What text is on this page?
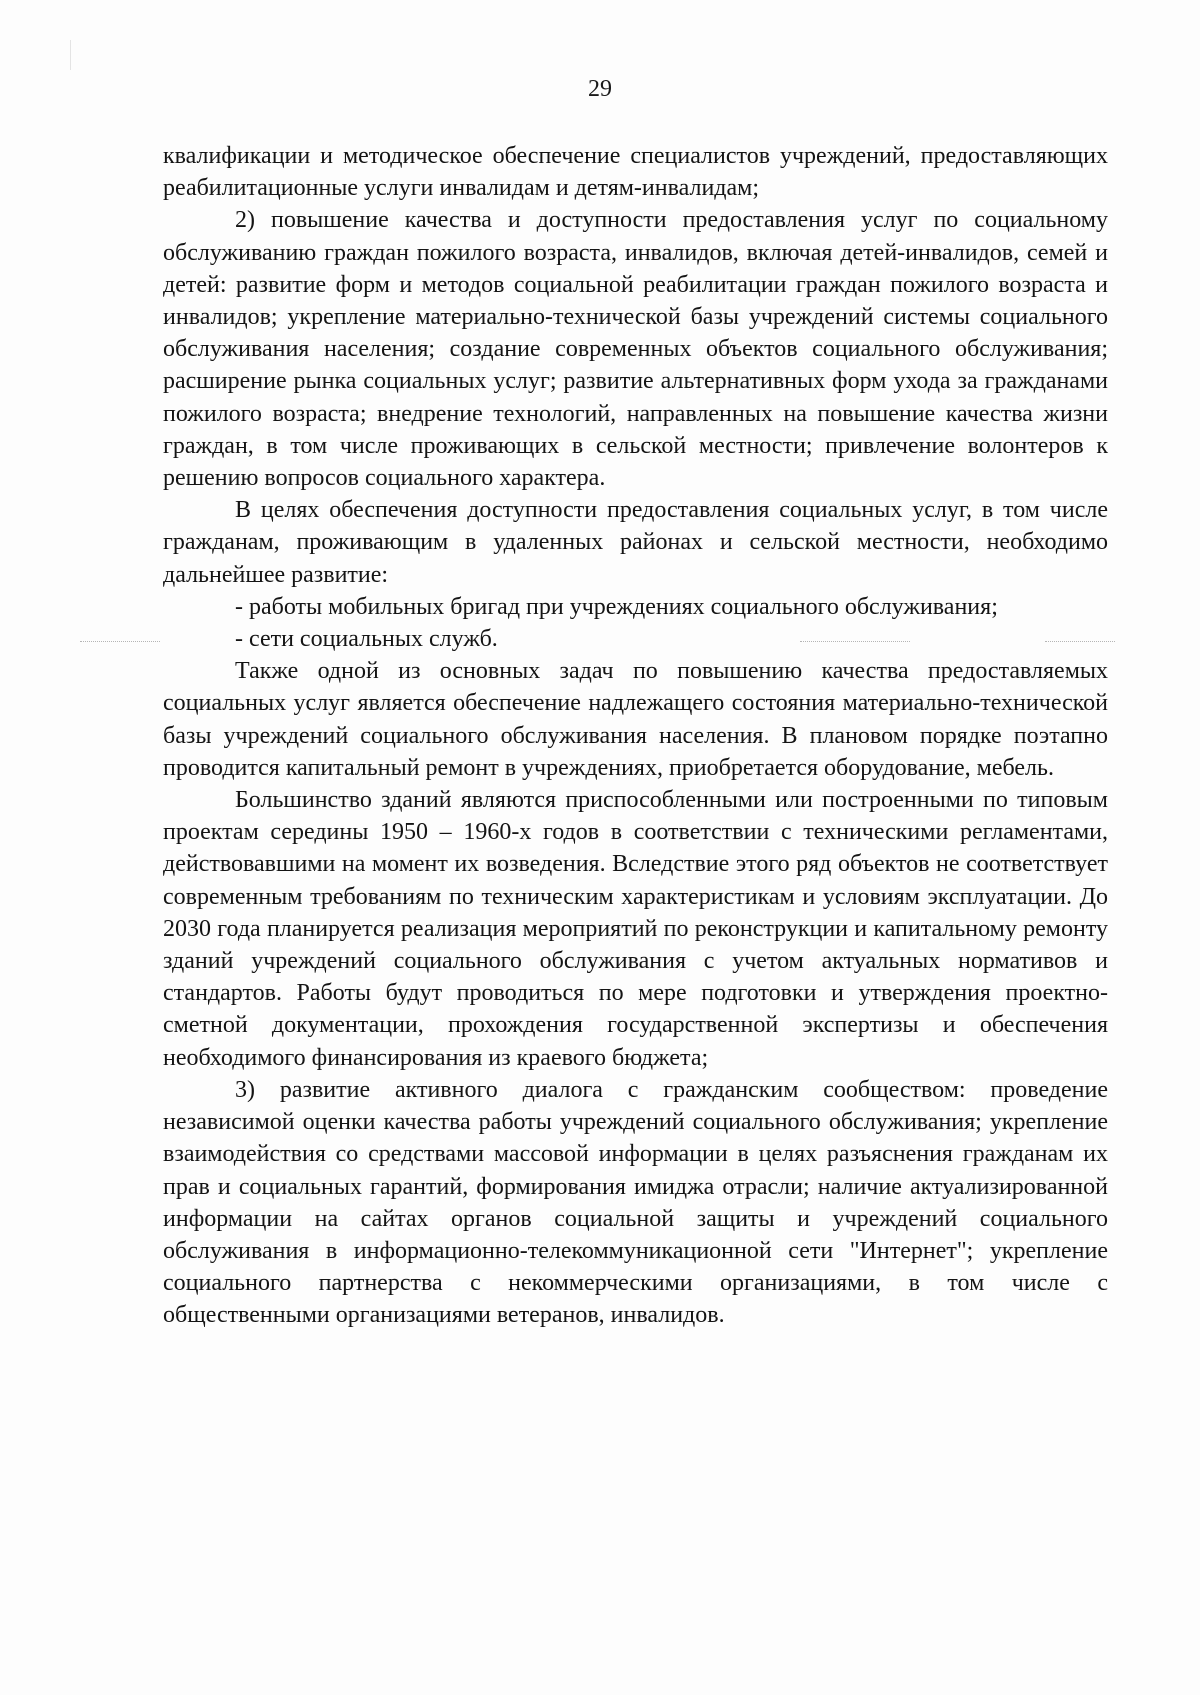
29

квалификации и методическое обеспечение специалистов учреждений, предоставляющих реабилитационные услуги инвалидам и детям-инвалидам;

2) повышение качества и доступности предоставления услуг по социальному обслуживанию граждан пожилого возраста, инвалидов, включая детей-инвалидов, семей и детей: развитие форм и методов социальной реабилитации граждан пожилого возраста и инвалидов; укрепление материально-технической базы учреждений системы социального обслуживания населения; создание современных объектов социального обслуживания; расширение рынка социальных услуг; развитие альтернативных форм ухода за гражданами пожилого возраста; внедрение технологий, направленных на повышение качества жизни граждан, в том числе проживающих в сельской местности; привлечение волонтеров к решению вопросов социального характера.

В целях обеспечения доступности предоставления социальных услуг, в том числе гражданам, проживающим в удаленных районах и сельской местности, необходимо дальнейшее развитие:

- работы мобильных бригад при учреждениях социального обслуживания;

- сети социальных служб.

Также одной из основных задач по повышению качества предоставляемых социальных услуг является обеспечение надлежащего состояния материально-технической базы учреждений социального обслуживания населения. В плановом порядке поэтапно проводится капитальный ремонт в учреждениях, приобретается оборудование, мебель.

Большинство зданий являются приспособленными или построенными по типовым проектам середины 1950 – 1960-х годов в соответствии с техническими регламентами, действовавшими на момент их возведения. Вследствие этого ряд объектов не соответствует современным требованиям по техническим характеристикам и условиям эксплуатации. До 2030 года планируется реализация мероприятий по реконструкции и капитальному ремонту зданий учреждений социального обслуживания с учетом актуальных нормативов и стандартов. Работы будут проводиться по мере подготовки и утверждения проектно-сметной документации, прохождения государственной экспертизы и обеспечения необходимого финансирования из краевого бюджета;

3) развитие активного диалога с гражданским сообществом: проведение независимой оценки качества работы учреждений социального обслуживания; укрепление взаимодействия со средствами массовой информации в целях разъяснения гражданам их прав и социальных гарантий, формирования имиджа отрасли; наличие актуализированной информации на сайтах органов социальной защиты и учреждений социального обслуживания в информационно-телекоммуникационной сети "Интернет"; укрепление социального партнерства с некоммерческими организациями, в том числе с общественными организациями ветеранов, инвалидов.
